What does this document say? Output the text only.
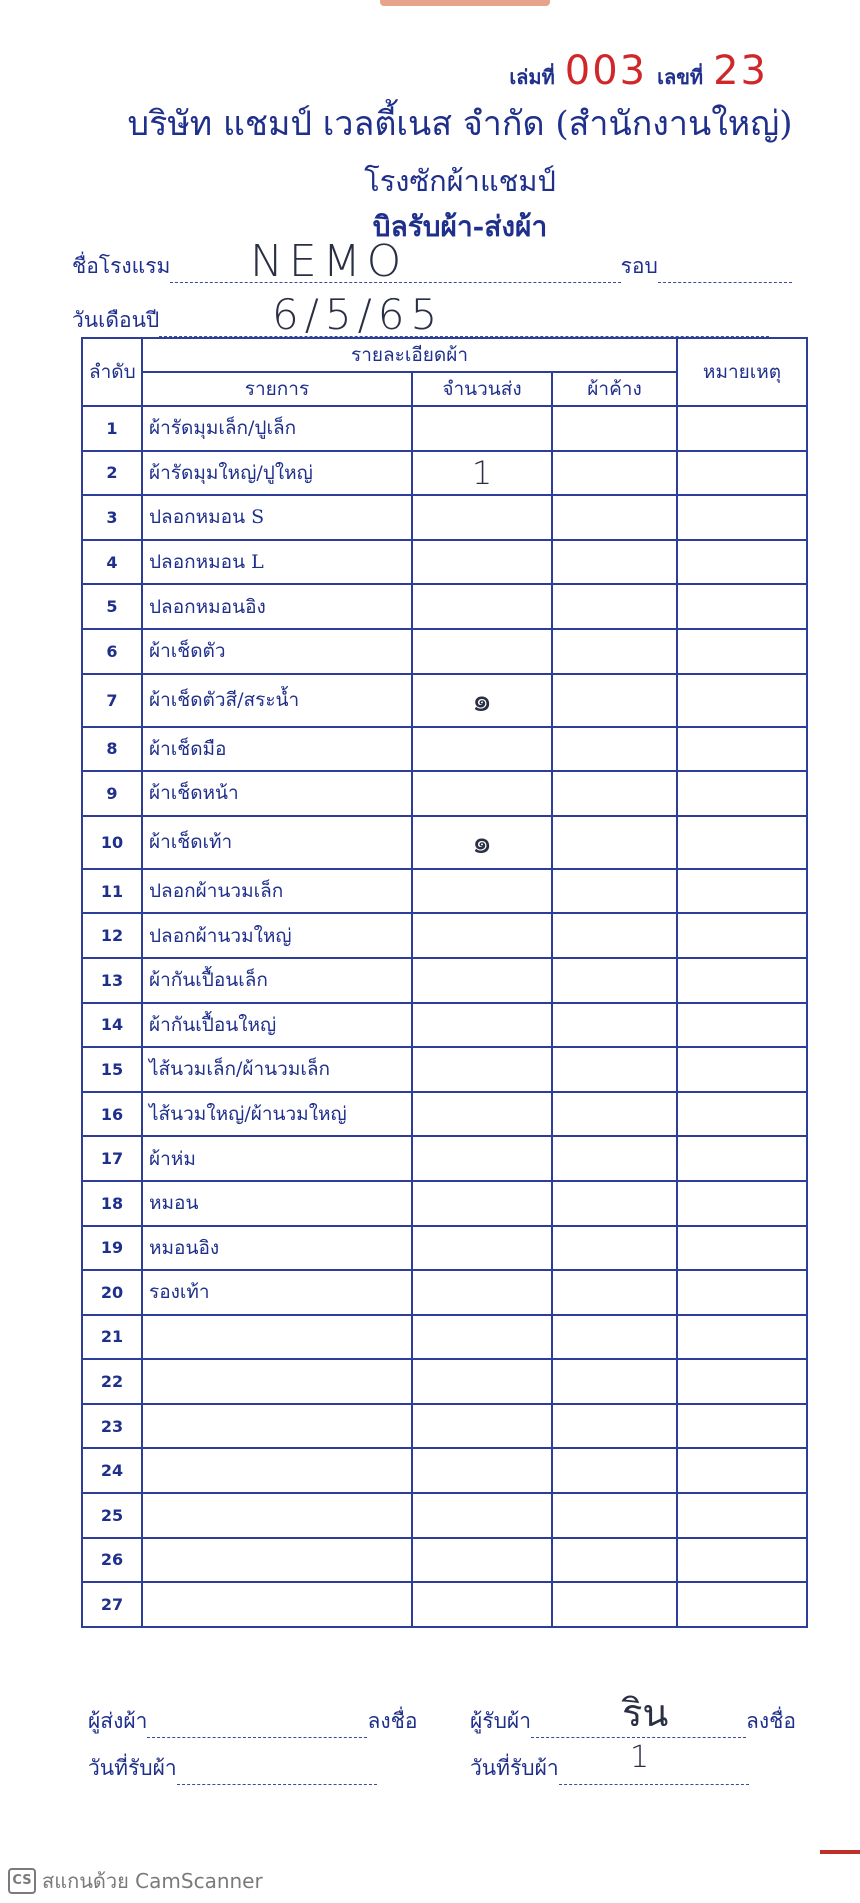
เล่มที่ 003 เลขที่ 23
บริษัท แชมป์ เวลตี้เนส จำกัด (สำนักงานใหญ่)
โรงซักผ้าแชมป์
บิลรับผ้า-ส่งผ้า
ชื่อโรงแรม	รอบ
NEMO
วันเดือนปี	6/5/65
ลำดับ	รายละเอียดผ้า			หมายเหตุ
	รายการ	จำนวนส่ง	ผ้าค้าง	
1	ผ้ารัดมุมเล็ก/ปูเล็ก			
2	ผ้ารัดมุมใหญ่/ปูใหญ่	1		
3	ปลอกหมอน S			
4	ปลอกหมอน L			
5	ปลอกหมอนอิง			
6	ผ้าเช็ดตัว			
7	ผ้าเช็ดตัวสี/สระน้ำ	๑		
8	ผ้าเช็ดมือ			
9	ผ้าเช็ดหน้า			
10	ผ้าเช็ดเท้า	๑		
11	ปลอกผ้านวมเล็ก			
12	ปลอกผ้านวมใหญ่			
13	ผ้ากันเปื้อนเล็ก			
14	ผ้ากันเปื้อนใหญ่			
15	ไส้นวมเล็ก/ผ้านวมเล็ก			
16	ไส้นวมใหญ่/ผ้านวมใหญ่			
17	ผ้าห่ม			
18	หมอน			
19	หมอนอิง			
20	รองเท้า			
21				
22				
23				
24				
25				
26				
27				
ผู้ส่งผ้า	ลงชื่อ	ผู้รับผ้า	ลงชื่อ
ริน
วันที่รับผ้า	วันที่รับผ้า 1
CS สแกนด้วย CamScanner
